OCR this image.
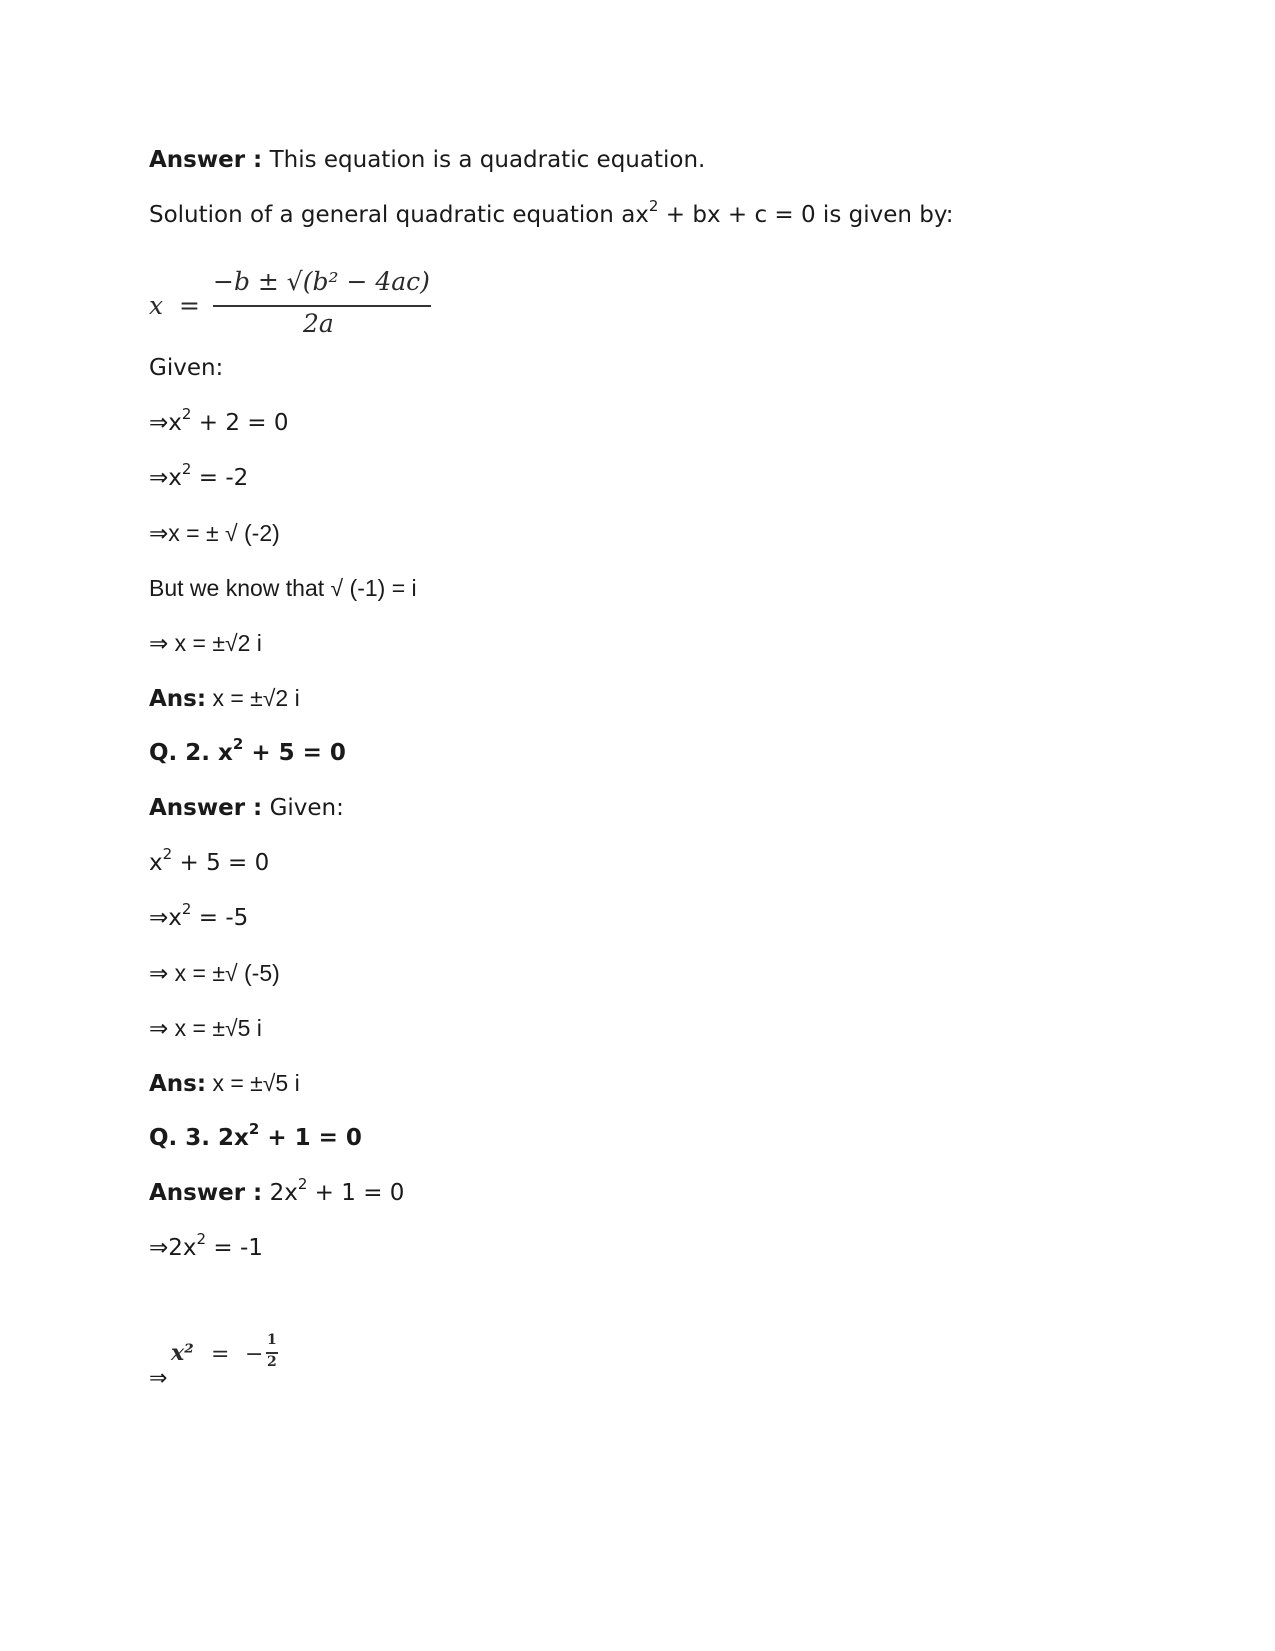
Answer : This equation is a quadratic equation.
Solution of a general quadratic equation $ax^2$ + bx + c = 0 is given by:
x =
−b ± √(b² − 4ac)
2a
Given:
$\Rightarrow x^2 + 2 = 0$
$\Rightarrow x^2 = -2$
⇒x = ± √ (-2)
But we know that √ (-1) = i
⇒ x = ±√2 i
Ans: x = ±√2 i
Q. 2. $x^2 + 5 = 0$
Answer : Given:
$x^2 + 5 = 0$
$\Rightarrow x^2 = -5$
⇒ x = ±√ (-5)
⇒ x = ±√5 i
Ans: x = ±√5 i
Q. 3. $2x^2 + 1 = 0$
Answer : $2x^2 + 1 = 0$
$\Rightarrow 2x^2 = -1$
⇒
x² = −
1
2
